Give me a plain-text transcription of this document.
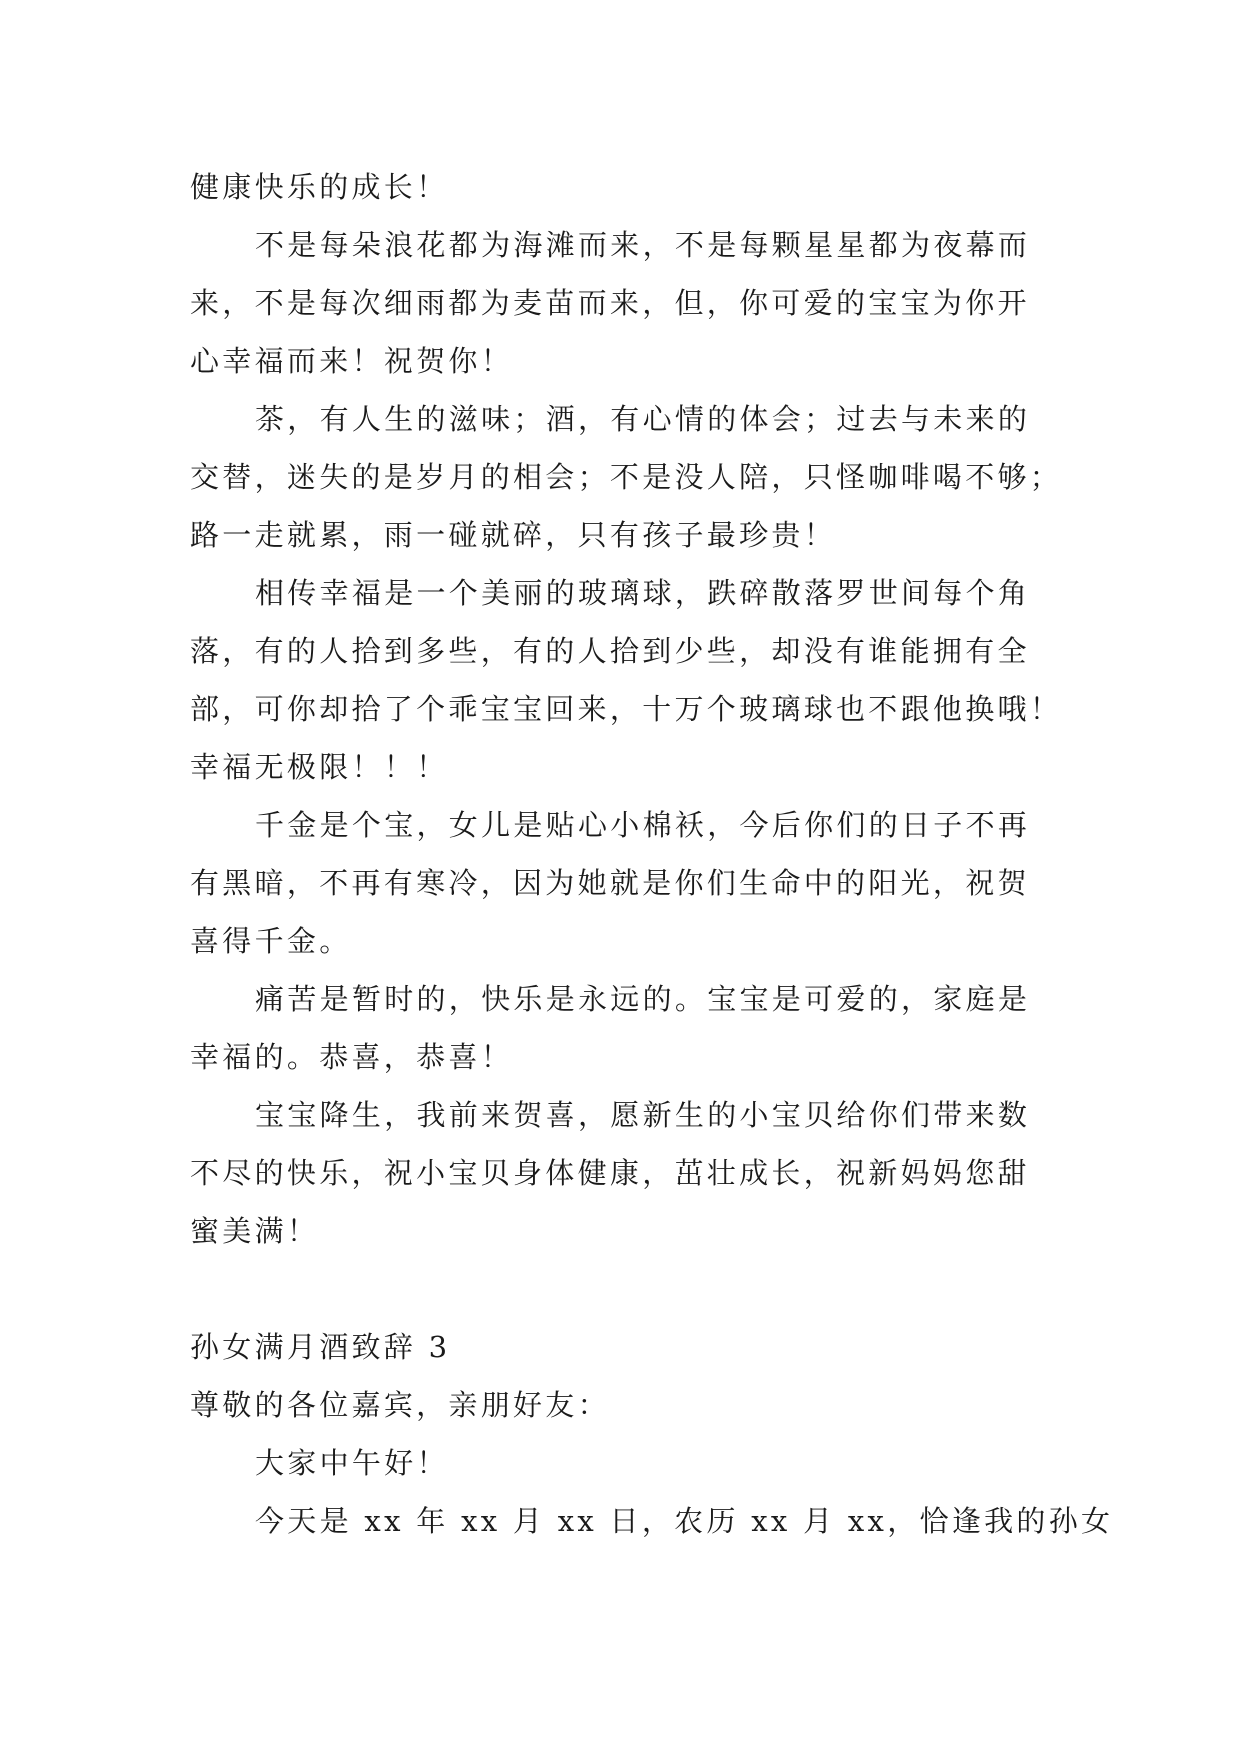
健康快乐的成长！

不是每朵浪花都为海滩而来，不是每颗星星都为夜幕而

来，不是每次细雨都为麦苗而来，但，你可爱的宝宝为你开

心幸福而来！祝贺你！

茶，有人生的滋味；酒，有心情的体会；过去与未来的

交替，迷失的是岁月的相会；不是没人陪，只怪咖啡喝不够；

路一走就累，雨一碰就碎，只有孩子最珍贵！

相传幸福是一个美丽的玻璃球，跌碎散落罗世间每个角

落，有的人拾到多些，有的人拾到少些，却没有谁能拥有全

部，可你却拾了个乖宝宝回来，十万个玻璃球也不跟他换哦！

幸福无极限！！！

千金是个宝，女儿是贴心小棉袄，今后你们的日子不再

有黑暗，不再有寒冷，因为她就是你们生命中的阳光，祝贺

喜得千金。

痛苦是暂时的，快乐是永远的。宝宝是可爱的，家庭是

幸福的。恭喜，恭喜！

宝宝降生，我前来贺喜，愿新生的小宝贝给你们带来数

不尽的快乐，祝小宝贝身体健康，茁壮成长，祝新妈妈您甜

蜜美满！

孙女满月酒致辞 3

尊敬的各位嘉宾，亲朋好友：

大家中午好！

今天是 xx 年 xx 月 xx 日，农历 xx 月 xx，恰逢我的孙女
